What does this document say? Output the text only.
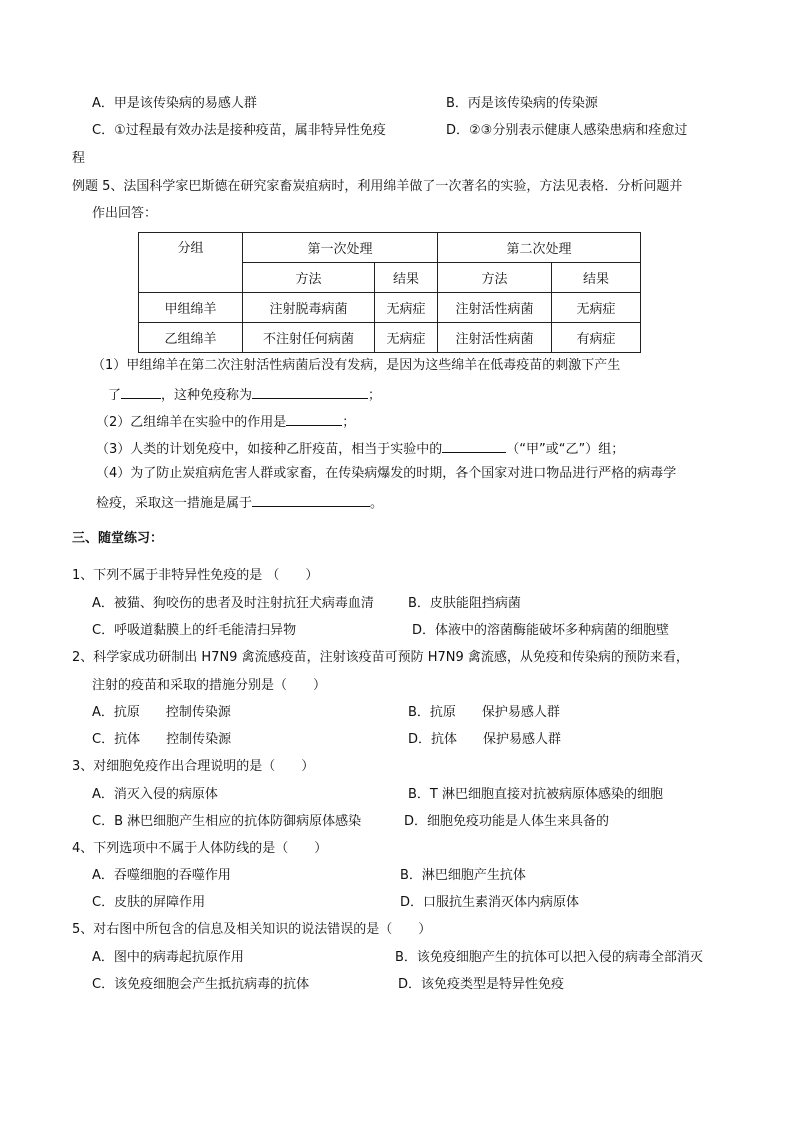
A．甲是该传染病的易感人群	B．丙是该传染病的传染源
C．①过程最有效办法是接种疫苗，属非特异性免疫	D．②③分别表示健康人感染患病和痊愈过
程
例题 5、法国科学家巴斯德在研究家畜炭疽病时，利用绵羊做了一次著名的实验，方法见表格．分析问题并
作出回答：
分组	第一次处理		第二次处理	
	方法	结果	方法	结果
甲组绵羊	注射脱毒病菌	无病症	注射活性病菌	无病症
乙组绵羊	不注射任何病菌	无病症	注射活性病菌	有病症
（1）甲组绵羊在第二次注射活性病菌后没有发病，是因为这些绵羊在低毒疫苗的刺激下产生
了	，这种免疫称为	；
（2）乙组绵羊在实验中的作用是	；
（3）人类的计划免疫中，如接种乙肝疫苗，相当于实验中的	（“甲”或“乙”）组；
（4）为了防止炭疽病危害人群或家畜，在传染病爆发的时期，各个国家对进口物品进行严格的病毒学
检疫，采取这一措施是属于	。
三、随堂练习：
1、下列不属于非特异性免疫的是 （　　）
A．被猫、狗咬伤的患者及时注射抗狂犬病毒血清	B．皮肤能阻挡病菌
C．呼吸道黏膜上的纤毛能清扫异物	D．体液中的溶菌酶能破坏多种病菌的细胞壁
2、科学家成功研制出 H7N9 禽流感疫苗，注射该疫苗可预防 H7N9 禽流感，从免疫和传染病的预防来看，
注射的疫苗和采取的措施分别是（　　）
A．抗原　　控制传染源	B．抗原　　保护易感人群
C．抗体　　控制传染源	D．抗体　　保护易感人群
3、对细胞免疫作出合理说明的是（　　）
A．消灭入侵的病原体	B．T 淋巴细胞直接对抗被病原体感染的细胞
C．B 淋巴细胞产生相应的抗体防御病原体感染	D．细胞免疫功能是人体生来具备的
4、下列选项中不属于人体防线的是（　　）
A．吞噬细胞的吞噬作用	B．淋巴细胞产生抗体
C．皮肤的屏障作用	D．口服抗生素消灭体内病原体
5、对右图中所包含的信息及相关知识的说法错误的是（　　）
A．图中的病毒起抗原作用	B．该免疫细胞产生的抗体可以把入侵的病毒全部消灭
C．该免疫细胞会产生抵抗病毒的抗体	D．该免疫类型是特异性免疫
